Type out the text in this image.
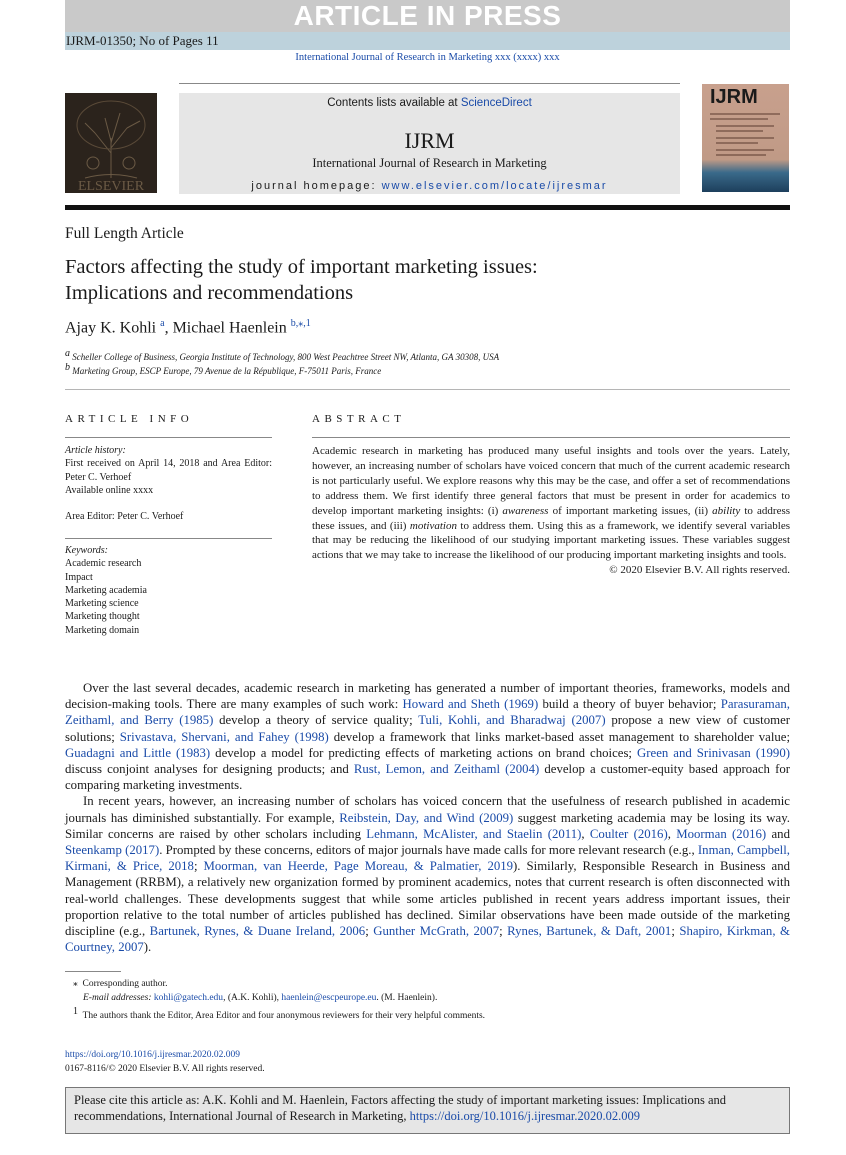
ARTICLE IN PRESS
IJRM-01350; No of Pages 11
International Journal of Research in Marketing xxx (xxxx) xxx
ELSEVIER
Contents lists available at ScienceDirect
IJRM
International Journal of Research in Marketing
journal homepage: www.elsevier.com/locate/ijresmar
IJRM
Full Length Article
Factors affecting the study of important marketing issues:
Implications and recommendations
Ajay K. Kohli $^a$, Michael Haenlein $^{b,⁎,1}$
$^a$ Scheller College of Business, Georgia Institute of Technology, 800 West Peachtree Street NW, Atlanta, GA 30308, USA
$^b$ Marketing Group, ESCP Europe, 79 Avenue de la République, F-75011 Paris, France
ARTICLE INFO
Article history:
First received on April 14, 2018 and Area Editor: Peter C. Verhoef
Available online xxxx
Area Editor: Peter C. Verhoef
Keywords:
Academic research
Impact
Marketing academia
Marketing science
Marketing thought
Marketing domain
ABSTRACT
Academic research in marketing has produced many useful insights and tools over the years. Lately, however, an increasing number of scholars have voiced concern that much of the current academic research is not particularly useful. We explore reasons why this may be the case, and offer a set of recommendations to address them. We first identify three general factors that must be present in order for academics to develop important marketing insights: (i) awareness of important marketing issues, (ii) ability to address these issues, and (iii) motivation to address them. Using this as a framework, we identify several variables that may be reducing the likelihood of our studying important marketing issues. These variables suggest actions that we may take to increase the likelihood of our producing important marketing insights and tools.
© 2020 Elsevier B.V. All rights reserved.

Over the last several decades, academic research in marketing has generated a number of important theories, frameworks, models and decision-making tools. There are many examples of such work: Howard and Sheth (1969) build a theory of buyer behavior; Parasuraman, Zeithaml, and Berry (1985) develop a theory of service quality; Tuli, Kohli, and Bharadwaj (2007) propose a new view of customer solutions; Srivastava, Shervani, and Fahey (1998) develop a framework that links market-based asset management to shareholder value; Guadagni and Little (1983) develop a model for predicting effects of marketing actions on brand choices; Green and Srinivasan (1990) discuss conjoint analyses for designing products; and Rust, Lemon, and Zeithaml (2004) develop a customer-equity based approach for comparing marketing investments.

In recent years, however, an increasing number of scholars has voiced concern that the usefulness of research published in academic journals has diminished substantially. For example, Reibstein, Day, and Wind (2009) suggest marketing academia may be losing its way. Similar concerns are raised by other scholars including Lehmann, McAlister, and Staelin (2011), Coulter (2016), Moorman (2016) and Steenkamp (2017). Prompted by these concerns, editors of major journals have made calls for more relevant research (e.g., Inman, Campbell, Kirmani, & Price, 2018; Moorman, van Heerde, Page Moreau, & Palmatier, 2019). Similarly, Responsible Research in Business and Management (RRBM), a relatively new organization formed by prominent academics, notes that current research is often disconnected with real-world challenges. These developments suggest that while some articles published in recent years address important issues, their proportion relative to the total number of articles published has declined. Similar observations have been made outside of the marketing discipline (e.g., Bartunek, Rynes, & Duane Ireland, 2006; Gunther McGrath, 2007; Rynes, Bartunek, & Daft, 2001; Shapiro, Kirkman, & Courtney, 2007).

⁎ Corresponding author.
E-mail addresses: kohli@gatech.edu, (A.K. Kohli), haenlein@escpeurope.eu. (M. Haenlein).
$^1$ The authors thank the Editor, Area Editor and four anonymous reviewers for their very helpful comments.
https://doi.org/10.1016/j.ijresmar.2020.02.009
0167-8116/© 2020 Elsevier B.V. All rights reserved.
Please cite this article as: A.K. Kohli and M. Haenlein, Factors affecting the study of important marketing issues: Implications and recommendations, International Journal of Research in Marketing, https://doi.org/10.1016/j.ijresmar.2020.02.009
